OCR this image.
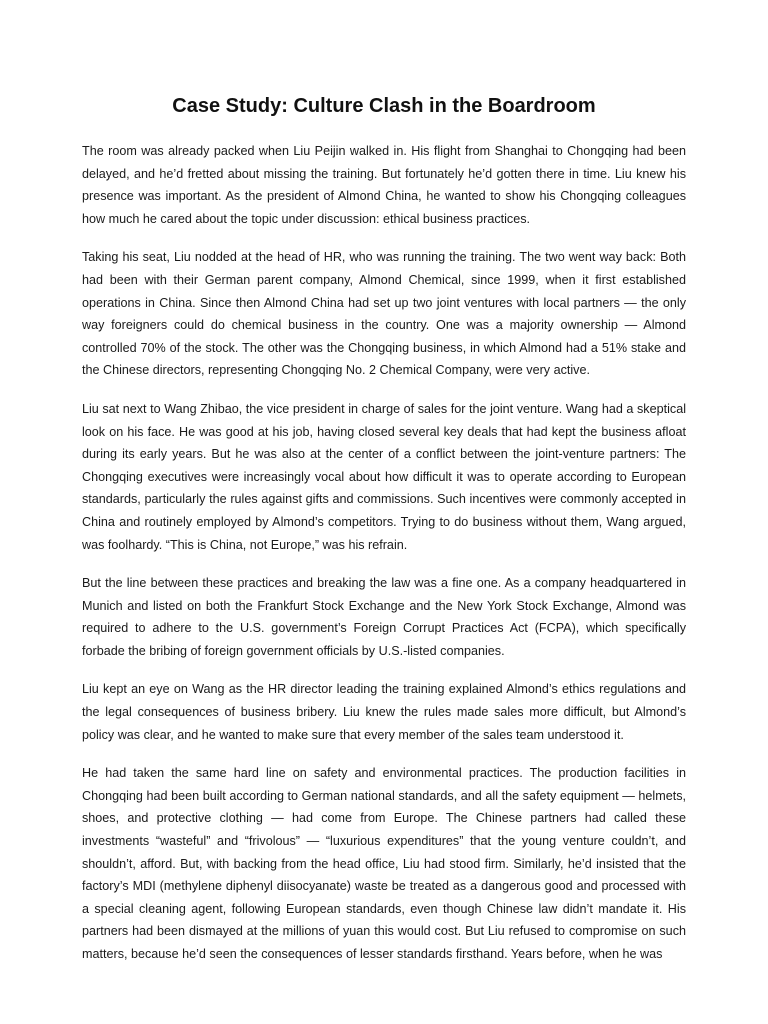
Case Study: Culture Clash in the Boardroom

The room was already packed when Liu Peijin walked in. His flight from Shanghai to Chongqing had been delayed, and he’d fretted about missing the training. But fortunately he’d gotten there in time. Liu knew his presence was important. As the president of Almond China, he wanted to show his Chongqing colleagues how much he cared about the topic under discussion: ethical business practices.

Taking his seat, Liu nodded at the head of HR, who was running the training. The two went way back: Both had been with their German parent company, Almond Chemical, since 1999, when it first established operations in China. Since then Almond China had set up two joint ventures with local partners — the only way foreigners could do chemical business in the country. One was a majority ownership — Almond controlled 70% of the stock. The other was the Chongqing business, in which Almond had a 51% stake and the Chinese directors, representing Chongqing No. 2 Chemical Company, were very active.

Liu sat next to Wang Zhibao, the vice president in charge of sales for the joint venture. Wang had a skeptical look on his face. He was good at his job, having closed several key deals that had kept the business afloat during its early years. But he was also at the center of a conflict between the joint-venture partners: The Chongqing executives were increasingly vocal about how difficult it was to operate according to European standards, particularly the rules against gifts and commissions. Such incentives were commonly accepted in China and routinely employed by Almond’s competitors. Trying to do business without them, Wang argued, was foolhardy. “This is China, not Europe,” was his refrain.

But the line between these practices and breaking the law was a fine one. As a company headquartered in Munich and listed on both the Frankfurt Stock Exchange and the New York Stock Exchange, Almond was required to adhere to the U.S. government’s Foreign Corrupt Practices Act (FCPA), which specifically forbade the bribing of foreign government officials by U.S.-listed companies.

Liu kept an eye on Wang as the HR director leading the training explained Almond’s ethics regulations and the legal consequences of business bribery. Liu knew the rules made sales more difficult, but Almond’s policy was clear, and he wanted to make sure that every member of the sales team understood it.

He had taken the same hard line on safety and environmental practices. The production facilities in Chongqing had been built according to German national standards, and all the safety equipment — helmets, shoes, and protective clothing — had come from Europe. The Chinese partners had called these investments “wasteful” and “frivolous” — “luxurious expenditures” that the young venture couldn’t, and shouldn’t, afford. But, with backing from the head office, Liu had stood firm. Similarly, he’d insisted that the factory’s MDI (methylene diphenyl diisocyanate) waste be treated as a dangerous good and processed with a special cleaning agent, following European standards, even though Chinese law didn’t mandate it. His partners had been dismayed at the millions of yuan this would cost. But Liu refused to compromise on such matters, because he’d seen the consequences of lesser standards firsthand. Years before, when he was
